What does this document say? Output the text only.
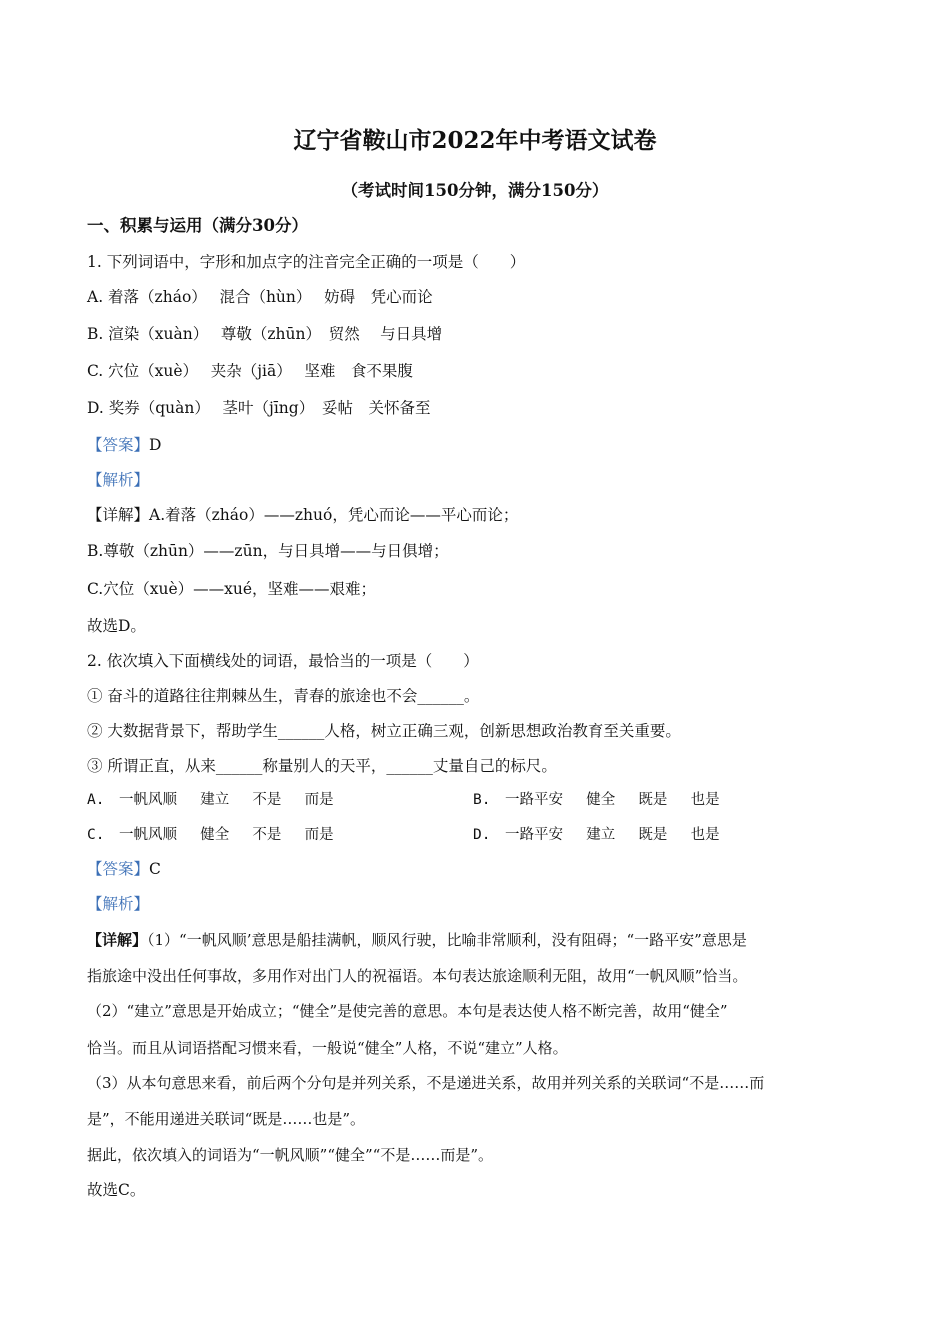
辽宁省鞍山市2022年中考语文试卷
（考试时间150分钟，满分150分）
一、积累与运用（满分30分）
1. 下列词语中，字形和加点字的注音完全正确的一项是（　　）
A. 着落（zháo）　 混合（hùn）　 妨碍　凭心而论
B. 渲染（xuàn）　 尊敬（zhūn）　贸然　 与日具增
C. 穴位（xuè）　 夹杂（jiā）　 坚难　食不果腹
D. 奖券（quàn）　 茎叶（jīng）　妥帖　关怀备至
【答案】D
【解析】
【详解】A.着落（zháo）——zhuó，凭心而论——平心而论；
B.尊敬（zhūn）——zūn，与日具增——与日俱增；
C.穴位（xuè）——xué，坚难——艰难；
故选D。
2. 依次填入下面横线处的词语，最恰当的一项是（　　）
① 奋斗的道路往往荆棘丛生，青春的旅途也不会______。
② 大数据背景下，帮助学生______人格，树立正确三观，创新思想政治教育至关重要。
③ 所谓正直，从来______称量别人的天平，______丈量自己的标尺。
A.　一帆风顺　 建立　 不是　 而是	B.　一路平安　 健全　 既是　 也是
C.　一帆风顺　 健全　 不是　 而是	D.　一路平安　 建立　 既是　 也是
【答案】C
【解析】
【详解】（1）“一帆风顺’意思是船挂满帆，顺风行驶，比喻非常顺利，没有阻碍；“一路平安”意思是
指旅途中没出任何事故，多用作对出门人的祝福语。本句表达旅途顺利无阻，故用“一帆风顺”恰当。
（2）“建立”意思是开始成立；“健全”是使完善的意思。本句是表达使人格不断完善，故用“健全”
恰当。而且从词语搭配习惯来看，一般说“健全”人格，不说“建立”人格。
（3）从本句意思来看，前后两个分句是并列关系，不是递进关系，故用并列关系的关联词“不是……而
是”，不能用递进关联词“既是……也是”。
据此，依次填入的词语为“一帆风顺”“健全”“不是……而是”。
故选C。
